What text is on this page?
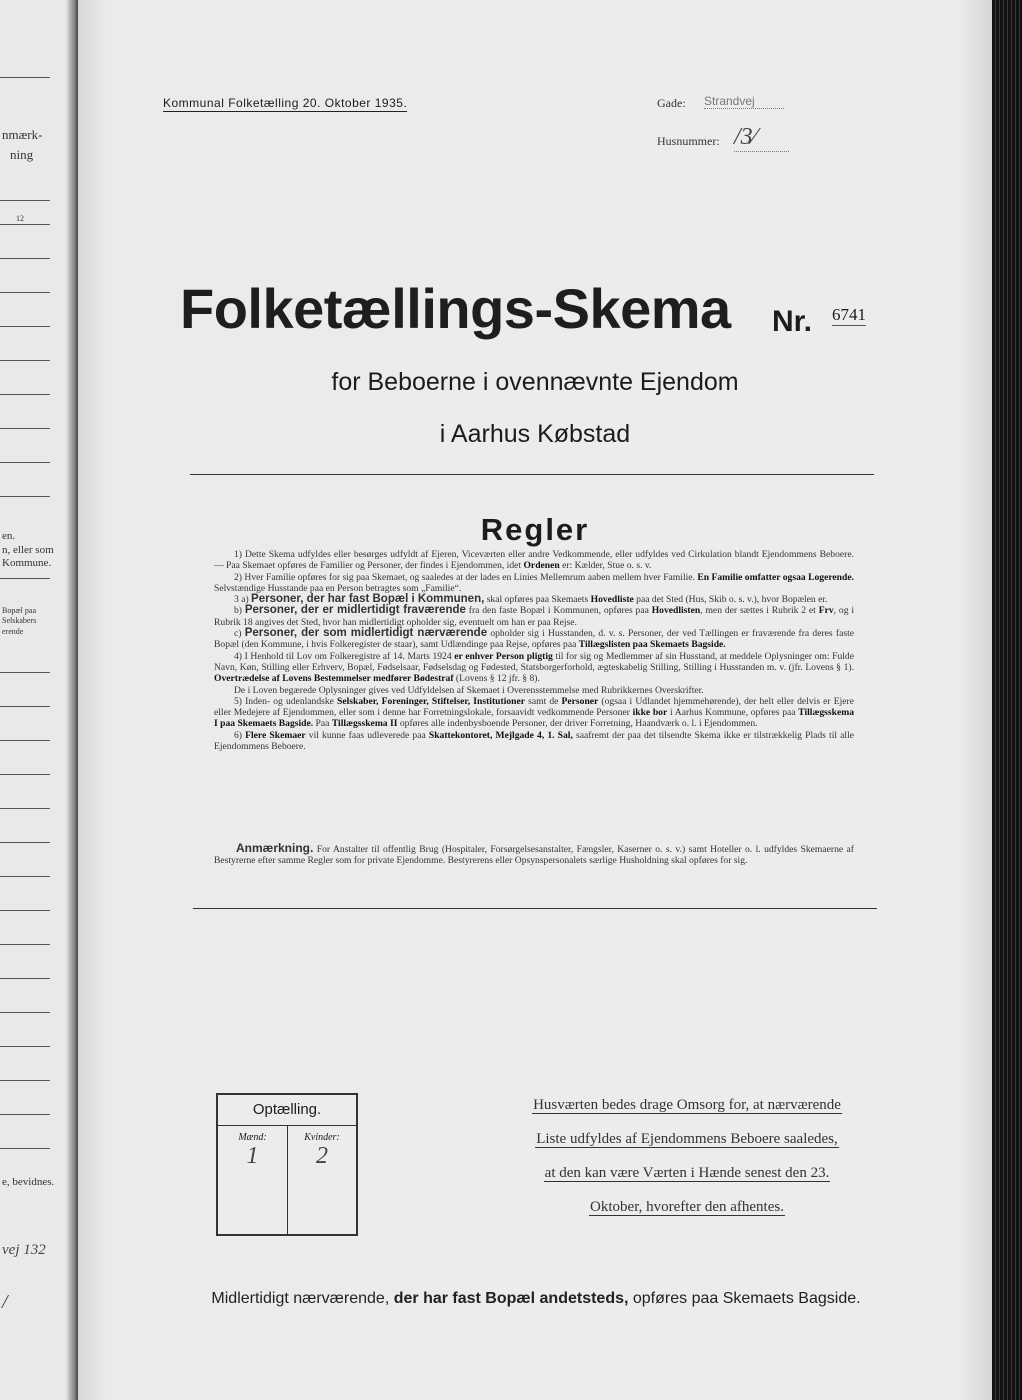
nmærk-
ning
12
en.
n, eller som
Kommune.
Bopæl paa
Selskabers
erende
e, bevidnes.
vej 132
/
Kommunal Folketælling 20. Oktober 1935.	Gade: Strandvej
Husnummer: /3⁄
Folketællings-Skema	Nr. 6741
for Beboerne i ovennævnte Ejendom
i Aarhus Købstad
Regler

1) Dette Skema udfyldes eller besørges udfyldt af Ejeren, Viceværten eller andre Vedkommende, eller udfyldes ved Cirkulation blandt Ejendommens Beboere. — Paa Skemaet opføres de Familier og Personer, der findes i Ejendommen, idet Ordenen er: Kælder, Stue o. s. v.

2) Hver Familie opføres for sig paa Skemaet, og saaledes at der lades en Linies Mellemrum aaben mellem hver Familie. En Familie omfatter ogsaa Logerende. Selvstændige Husstande paa en Person betragtes som „Familie“.

3 a) Personer, der har fast Bopæl i Kommunen, skal opføres paa Skemaets Hovedliste paa det Sted (Hus, Skib o. s. v.), hvor Bopælen er.

b) Personer, der er midlertidigt fraværende fra den faste Bopæl i Kommunen, opføres paa Hovedlisten, men der sættes i Rubrik 2 et Frv, og i Rubrik 18 angives det Sted, hvor han midlertidigt opholder sig, eventuelt om han er paa Rejse.

c) Personer, der som midlertidigt nærværende opholder sig i Husstanden, d. v. s. Personer, der ved Tællingen er fraværende fra deres faste Bopæl (den Kommune, i hvis Folkeregister de staar), samt Udlændinge paa Rejse, opføres paa Tillægslisten paa Skemaets Bagside.

4) I Henhold til Lov om Folkeregistre af 14. Marts 1924 er enhver Person pligtig til for sig og Medlemmer af sin Husstand, at meddele Oplysninger om: Fulde Navn, Køn, Stilling eller Erhverv, Bopæl, Fødselsaar, Fødselsdag og Fødested, Statsborgerforhold, ægteskabelig Stilling, Stilling i Husstanden m. v. (jfr. Lovens § 1). Overtrædelse af Lovens Bestemmelser medfører Bødestraf (Lovens § 12 jfr. § 8).

De i Loven begærede Oplysninger gives ved Udfyldelsen af Skemaet i Overensstemmelse med Rubrikkernes Overskrifter.

5) Inden- og udenlandske Selskaber, Foreninger, Stiftelser, Institutioner samt de Personer (ogsaa i Udlandet hjemmehørende), der helt eller delvis er Ejere eller Medejere af Ejendommen, eller som i denne har Forretningslokale, forsaavidt vedkommende Personer ikke bor i Aarhus Kommune, opføres paa Tillægsskema I paa Skemaets Bagside. Paa Tillægsskema II opføres alle indenbysboende Personer, der driver Forretning, Haandværk o. l. i Ejendommen.

6) Flere Skemaer vil kunne faas udleverede paa Skattekontoret, Mejlgade 4, 1. Sal, saafremt der paa det tilsendte Skema ikke er tilstrækkelig Plads til alle Ejendommens Beboere.

Anmærkning. For Anstalter til offentlig Brug (Hospitaler, Forsørgelsesanstalter, Fængsler, Kaserner o. s. v.) samt Hoteller o. l. udfyldes Skemaerne af Bestyrerne efter samme Regler som for private Ejendomme. Bestyrerens eller Opsynspersonalets særlige Husholdning skal opføres for sig.
Optælling.
Mænd:
1
Kvinder:
2
Husværten bedes drage Omsorg for, at nærværende
Liste udfyldes af Ejendommens Beboere saaledes,
at den kan være Værten i Hænde senest den 23.
Oktober, hvorefter den afhentes.
Midlertidigt nærværende, der har fast Bopæl andetsteds, opføres paa Skemaets Bagside.
